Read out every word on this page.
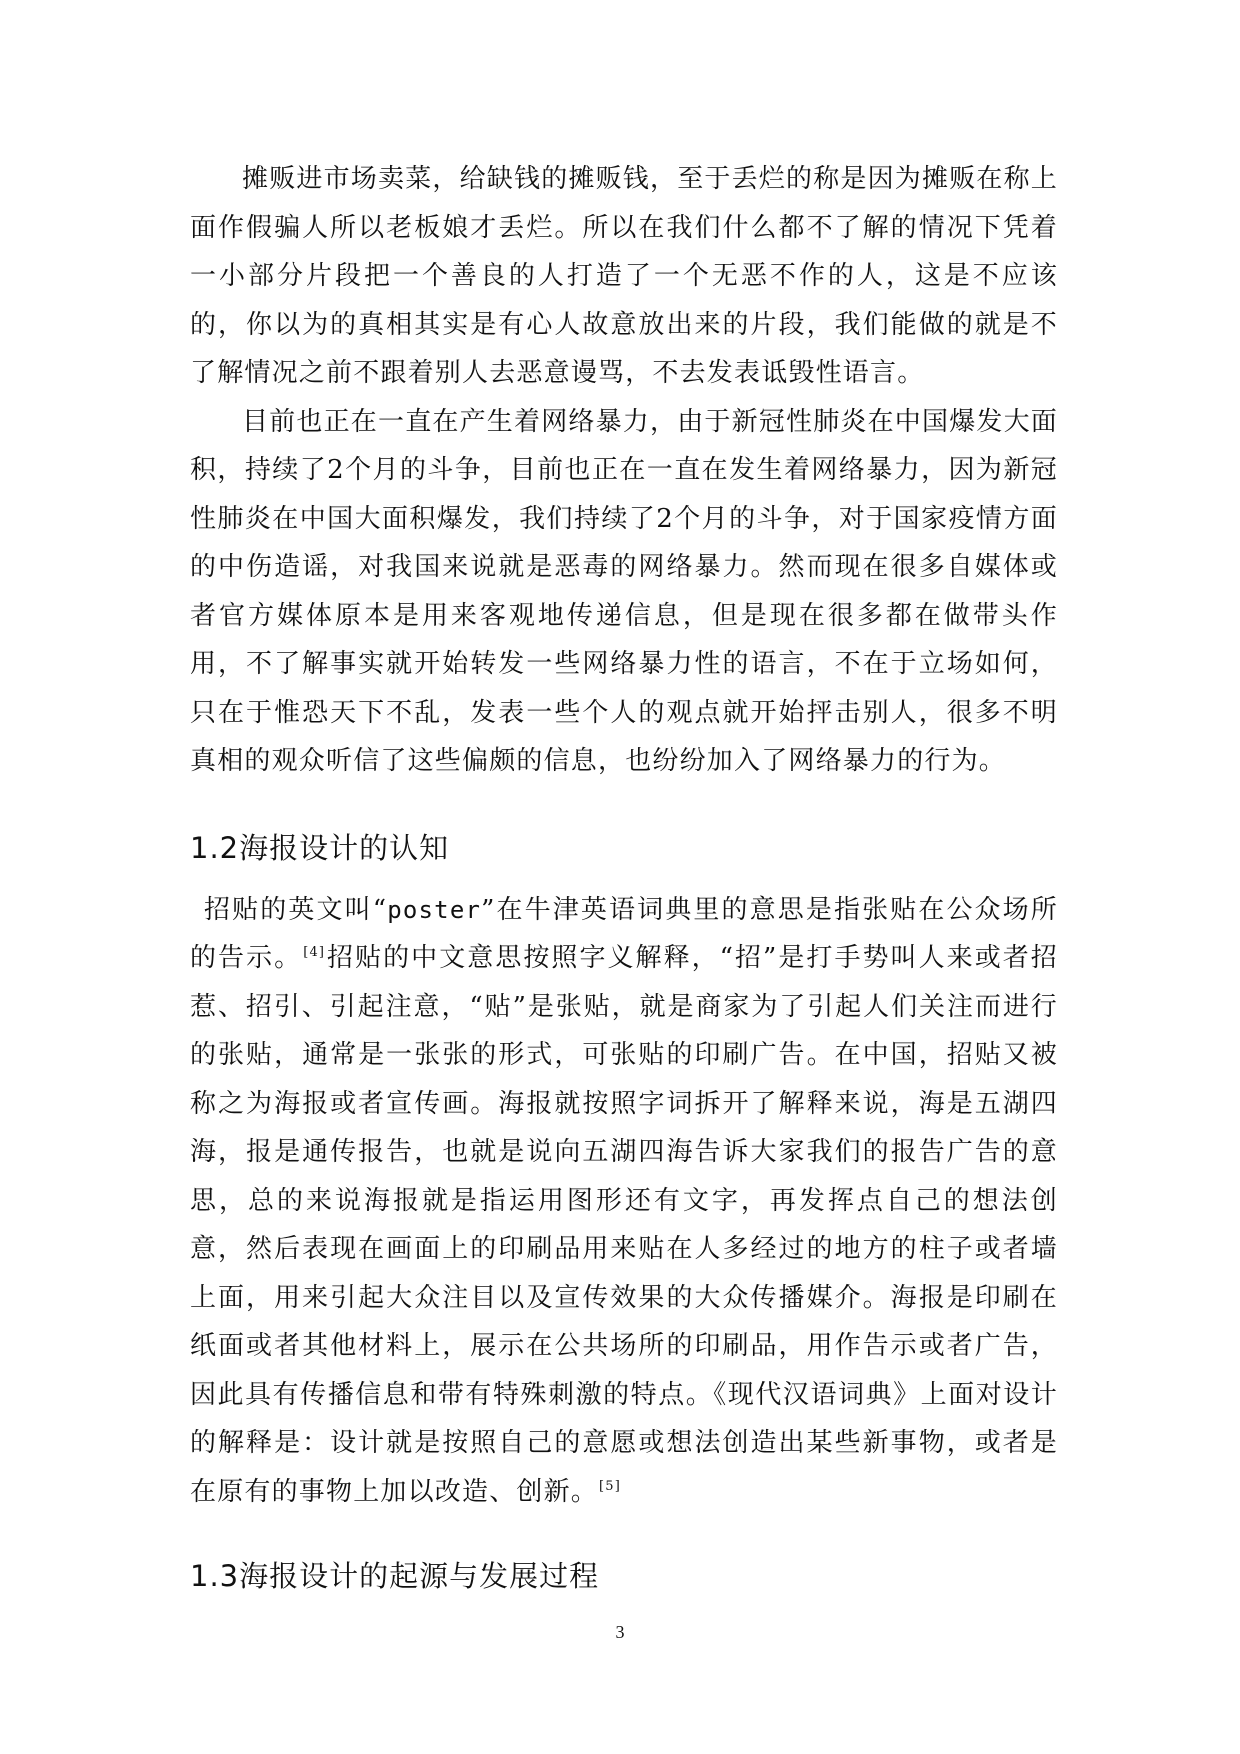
摊贩进市场卖菜，给缺钱的摊贩钱，至于丢烂的称是因为摊贩在称上面作假骗人所以老板娘才丢烂。所以在我们什么都不了解的情况下凭着一小部分片段把一个善良的人打造了一个无恶不作的人，这是不应该的，你以为的真相其实是有心人故意放出来的片段，我们能做的就是不了解情况之前不跟着别人去恶意谩骂，不去发表诋毁性语言。

目前也正在一直在产生着网络暴力，由于新冠性肺炎在中国爆发大面积，持续了2个月的斗争，目前也正在一直在发生着网络暴力，因为新冠性肺炎在中国大面积爆发，我们持续了2个月的斗争，对于国家疫情方面的中伤造谣，对我国来说就是恶毒的网络暴力。然而现在很多自媒体或者官方媒体原本是用来客观地传递信息，但是现在很多都在做带头作用，不了解事实就开始转发一些网络暴力性的语言，不在于立场如何，只在于惟恐天下不乱，发表一些个人的观点就开始抨击别人，很多不明真相的观众听信了这些偏颇的信息，也纷纷加入了网络暴力的行为。

1.2海报设计的认知

招贴的英文叫“poster”在牛津英语词典里的意思是指张贴在公众场所的告示。[4]招贴的中文意思按照字义解释，“招”是打手势叫人来或者招惹、招引、引起注意，“贴”是张贴，就是商家为了引起人们关注而进行的张贴，通常是一张张的形式，可张贴的印刷广告。在中国，招贴又被称之为海报或者宣传画。海报就按照字词拆开了解释来说，海是五湖四海，报是通传报告，也就是说向五湖四海告诉大家我们的报告广告的意思，总的来说海报就是指运用图形还有文字，再发挥点自己的想法创意，然后表现在画面上的印刷品用来贴在人多经过的地方的柱子或者墙上面，用来引起大众注目以及宣传效果的大众传播媒介。海报是印刷在纸面或者其他材料上，展示在公共场所的印刷品，用作告示或者广告，因此具有传播信息和带有特殊刺激的特点。《现代汉语词典》上面对设计的解释是：设计就是按照自己的意愿或想法创造出某些新事物，或者是在原有的事物上加以改造、创新。[5]

1.3海报设计的起源与发展过程
3
